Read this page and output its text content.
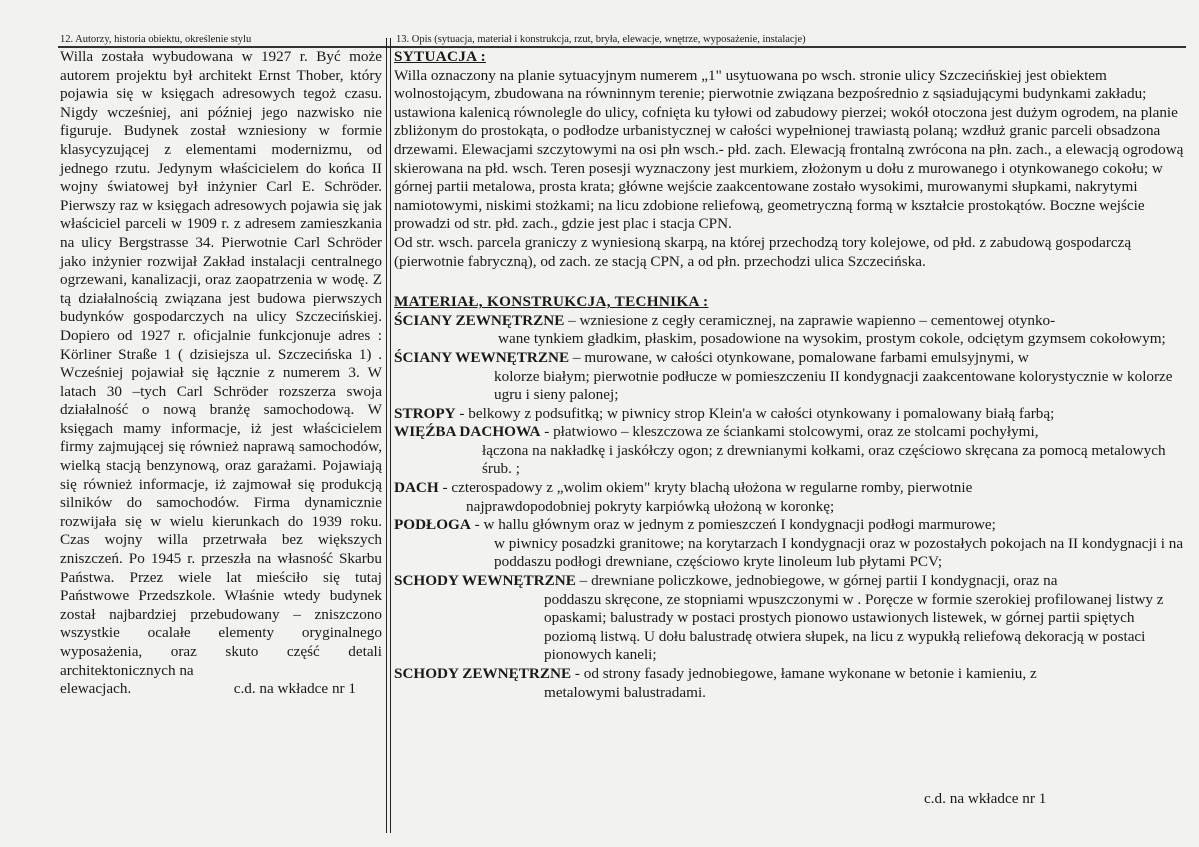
12. Autorzy, historia obiektu, określenie stylu	13. Opis (sytuacja, materiał i konstrukcja, rzut, bryła, elewacje, wnętrze, wyposażenie, instalacje)

Willa została wybudowana w 1927 r. Być może autorem projektu był architekt Ernst Thober, który pojawia się w księgach adresowych tegoż czasu. Nigdy wcześniej, ani później jego nazwisko nie figuruje. Budynek został wzniesiony w formie klasycyzującej z elementami modernizmu, od jednego rzutu. Jedynym właścicielem do końca II wojny światowej był inżynier Carl E. Schröder. Pierwszy raz w księgach adresowych pojawia się jak właściciel parceli w 1909 r. z adresem zamieszkania na ulicy Bergstrasse 34. Pierwotnie Carl Schröder jako inżynier rozwijał Zakład instalacji centralnego ogrzewani, kanalizacji, oraz zaopatrzenia w wodę. Z tą działalnością związana jest budowa pierwszych budynków gospodarczych na ulicy Szczecińskiej. Dopiero od 1927 r. oficjalnie funkcjonuje adres : Körliner Straße 1 ( dzisiejsza ul. Szczecińska 1) . Wcześniej pojawiał się łącznie z numerem 3. W latach 30 –tych Carl Schröder rozszerza swoja działalność o nową branżę samochodową. W księgach mamy informacje, iż jest właścicielem firmy zajmującej się również naprawą samochodów, wielką stacją benzynową, oraz garażami. Pojawiają się również informacje, iż zajmował się produkcją silników do samochodów. Firma dynamicznie rozwijała się w wielu kierunkach do 1939 roku. Czas wojny willa przetrwała bez większych zniszczeń. Po 1945 r. przeszła na własność Skarbu Państwa. Przez wiele lat mieściło się tutaj Państwowe Przedszkole. Właśnie wtedy budynek został najbardziej przebudowany – zniszczono wszystkie ocalałe elementy oryginalnego wyposażenia, oraz skuto część detali architektonicznych na

elewacjach.	c.d. na wkładce nr 1

SYTUACJA :

Willa oznaczony na planie sytuacyjnym numerem „1" usytuowana po wsch. stronie ulicy Szczecińskiej jest obiektem wolnostojącym, zbudowana na równinnym terenie; pierwotnie związana bezpośrednio z sąsiadującymi budynkami zakładu; ustawiona kalenicą równolegle do ulicy, cofnięta ku tyłowi od zabudowy pierzei; wokół otoczona jest dużym ogrodem, na planie zbliżonym do prostokąta, o podłodze urbanistycznej w całości wypełnionej trawiastą polaną; wzdłuż granic parceli obsadzona drzewami. Elewacjami szczytowymi na osi płn wsch.- płd. zach. Elewacją frontalną zwrócona na płn. zach., a elewacją ogrodową skierowana na płd. wsch. Teren posesji wyznaczony jest murkiem, złożonym u dołu z murowanego i otynkowanego cokołu; w górnej partii metalowa, prosta krata; główne wejście zaakcentowane zostało wysokimi, murowanymi słupkami, nakrytymi namiotowymi, niskimi stożkami; na licu zdobione reliefową, geometryczną formą w kształcie prostokątów. Boczne wejście prowadzi od str. płd. zach., gdzie jest plac i stacja CPN.

Od str. wsch. parcela graniczy z wyniesioną skarpą, na której przechodzą tory kolejowe, od płd. z zabudową gospodarczą (pierwotnie fabryczną), od zach. ze stacją CPN, a od płn. przechodzi ulica Szczecińska.

MATERIAŁ, KONSTRUKCJA, TECHNIKA :

ŚCIANY ZEWNĘTRZNE – wzniesione z cegły ceramicznej, na zaprawie wapienno – cementowej otynko-
wane tynkiem gładkim, płaskim, posadowione na wysokim, prostym cokole, odciętym gzymsem cokołowym;

ŚCIANY WEWNĘTRZNE – murowane, w całości otynkowane, pomalowane farbami emulsyjnymi, w
kolorze białym; pierwotnie podłucze w pomieszczeniu II kondygnacji zaakcentowane kolorystycznie w kolorze ugru i sieny palonej;

STROPY - belkowy z podsufitką; w piwnicy strop Klein'a w całości otynkowany i pomalowany białą farbą;

WIĘŹBA DACHOWA - płatwiowo – kleszczowa ze ściankami stolcowymi, oraz ze stolcami pochyłymi,
łączona na nakładkę i jaskółczy ogon; z drewnianymi kołkami, oraz częściowo skręcana za pomocą metalowych śrub. ;

DACH - czterospadowy z „wolim okiem" kryty blachą ułożona w regularne romby, pierwotnie
najprawdopodobniej pokryty karpiówką ułożoną w koronkę;

PODŁOGA - w hallu głównym oraz w jednym z pomieszczeń I kondygnacji podłogi marmurowe;
w piwnicy posadzki granitowe; na korytarzach I kondygnacji oraz w pozostałych pokojach na II kondygnacji i na poddaszu podłogi drewniane, częściowo kryte linoleum lub płytami PCV;

SCHODY WEWNĘTRZNE – drewniane policzkowe, jednobiegowe, w górnej partii I kondygnacji, oraz na
poddaszu skręcone, ze stopniami wpuszczonymi w . Poręcze w formie szerokiej profilowanej listwy z opaskami; balustrady w postaci prostych pionowo ustawionych listewek, w górnej partii spiętych poziomą listwą. U dołu balustradę otwiera słupek, na licu z wypukłą reliefową dekoracją w postaci pionowych kaneli;

SCHODY ZEWNĘTRZNE - od strony fasady jednobiegowe, łamane wykonane w betonie i kamieniu, z
metalowymi balustradami.

c.d. na wkładce nr 1
